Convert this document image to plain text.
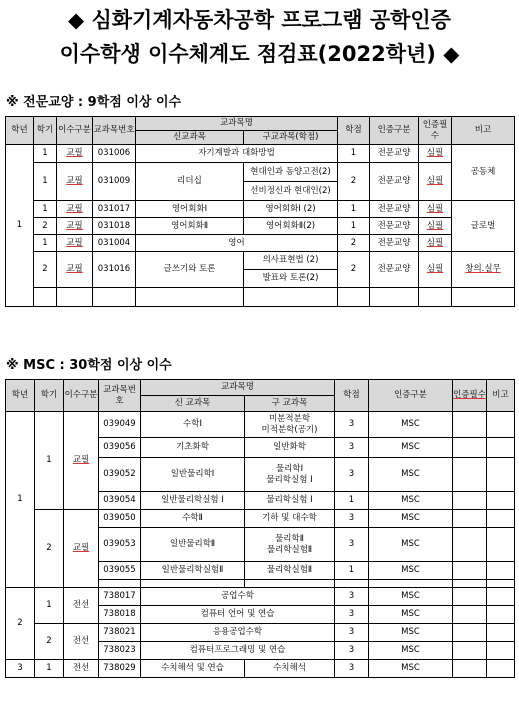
◆ 심화기계자동차공학 프로그램 공학인증
이수학생 이수체계도 점검표(2022학년) ◆
※ 전문교양 : 9학점 이상 이수
학년	학기	이수구분	교과목번호	교과목명		학점	인증구분	인증필수	비고
				신교과목	구교과목(학점)				
1	1	교필	031006	자기계발과 대화방법		1	전문교양	심필	공동체
	1	교필	031009	리더십	현대인과 동양고전(2)	2	전문교양	심필	
					선비정신과 현대인(2)				
	1	교필	031017	영어회화Ⅰ	영어회화Ⅰ (2)	1	전문교양	심필	글로벌
	2	교필	031018	영어회화Ⅱ	영어회화Ⅱ(2)	1	전문교양	심필	
	1	교필	031004	영어		2	전문교양	심필	
	2	교필	031016	글쓰기와 토론	의사표현법 (2)	2	전문교양	심필	창의.실무
					발표와 토론(2)				

※ MSC : 30학점 이상 이수
학년	학기	이수구분	교과목번호	교과목명		학점	인증구분	인증필수	비고
				신 교과목	구 교과목				
1	1	교필	039049	수학Ⅰ	미분적분학
미적분학(공기)	3	MSC		
			039056	기초화학	일반화학	3	MSC		
			039052	일반물리학Ⅰ	물리학Ⅰ
물리학실험 Ⅰ	3	MSC		
			039054	일반물리학실험 Ⅰ	물리학실험 Ⅰ	1	MSC		
	2	교필	039050	수학Ⅱ	기하 및 대수학	3	MSC		
			039053	일반물리학Ⅱ	물리학Ⅱ
물리학실험Ⅱ	3	MSC		
			039055	일반물리학실험Ⅱ	물리학실험Ⅱ	1	MSC		

2	1	전선	738017	공업수학		3	MSC		
			738018	컴퓨터 언어 및 연습		3	MSC		
	2	전선	738021	응용공업수학		3	MSC		
			738023	컴퓨터프로그래밍 및 연습		3	MSC		
3	1	전선	738029	수치해석 및 연습	수치해석	3	MSC		
